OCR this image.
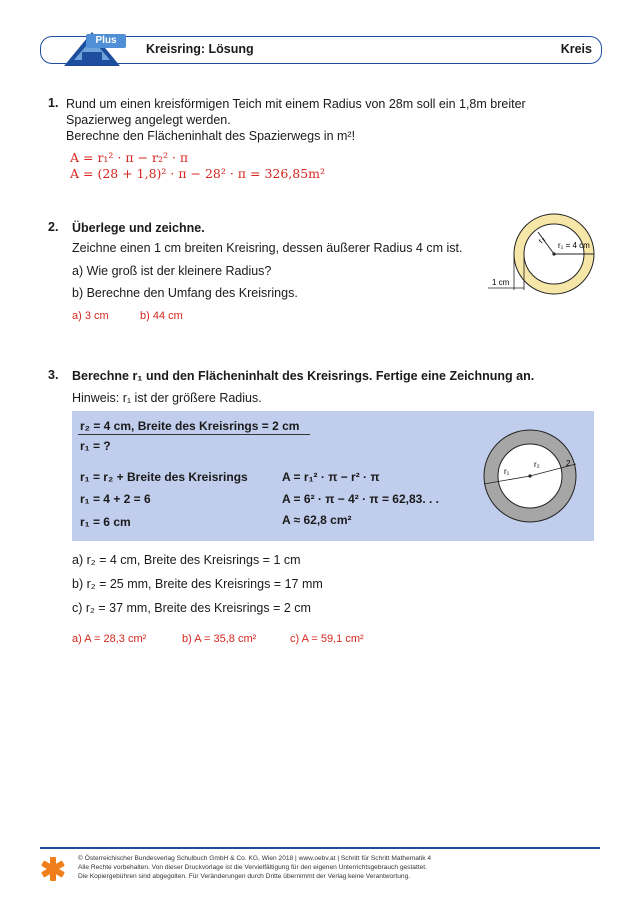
Plus
Kreisring: Lösung	Kreis
1. Rund um einen kreisförmigen Teich mit einem Radius von 28m soll ein 1,8m breiter
Spazierweg angelegt werden.
Berechne den Flächeninhalt des Spazierwegs in m²!
A = r₁² · π − r₂² · π
A = (28 + 1,8)² · π − 28² · π = 326,85m²
2. Überlege und zeichne.
Zeichne einen 1 cm breiten Kreisring, dessen äußerer Radius 4 cm ist.
a) Wie groß ist der kleinere Radius?
b) Berechne den Umfang des Kreisrings.
a) 3 cm	b) 44 cm
r₁ = 4 cm
r₂
1 cm
3. Berechne r₁ und den Flächeninhalt des Kreisrings. Fertige eine Zeichnung an.
Hinweis: r₁ ist der größere Radius.
r₂ = 4 cm, Breite des Kreisrings = 2 cm
r₁ = ?
r₁ = r₂ + Breite des Kreisrings
r₁ = 4 + 2 = 6
r₁ = 6 cm
A = r₁² · π − r² · π
A = 6² · π − 4² · π = 62,83. . .
A ≈ 62,8 cm²
r₁
r₂	2
a) r₂ = 4 cm, Breite des Kreisrings = 1 cm
b) r₂ = 25 mm, Breite des Kreisrings = 17 mm
c) r₂ = 37 mm, Breite des Kreisrings = 2 cm
a) A = 28,3 cm²	b) A = 35,8 cm²	c) A = 59,1 cm²
© Österreichischer Bundesverlag Schulbuch GmbH & Co. KG, Wien 2018 | www.oebv.at | Schritt für Schritt Mathematik 4
Alle Rechte vorbehalten. Von dieser Druckvorlage ist die Vervielfältigung für den eigenen Unterrichtsgebrauch gestattet.
Die Kopiergebühren sind abgegolten. Für Veränderungen durch Dritte übernimmt der Verlag keine Verantwortung.
